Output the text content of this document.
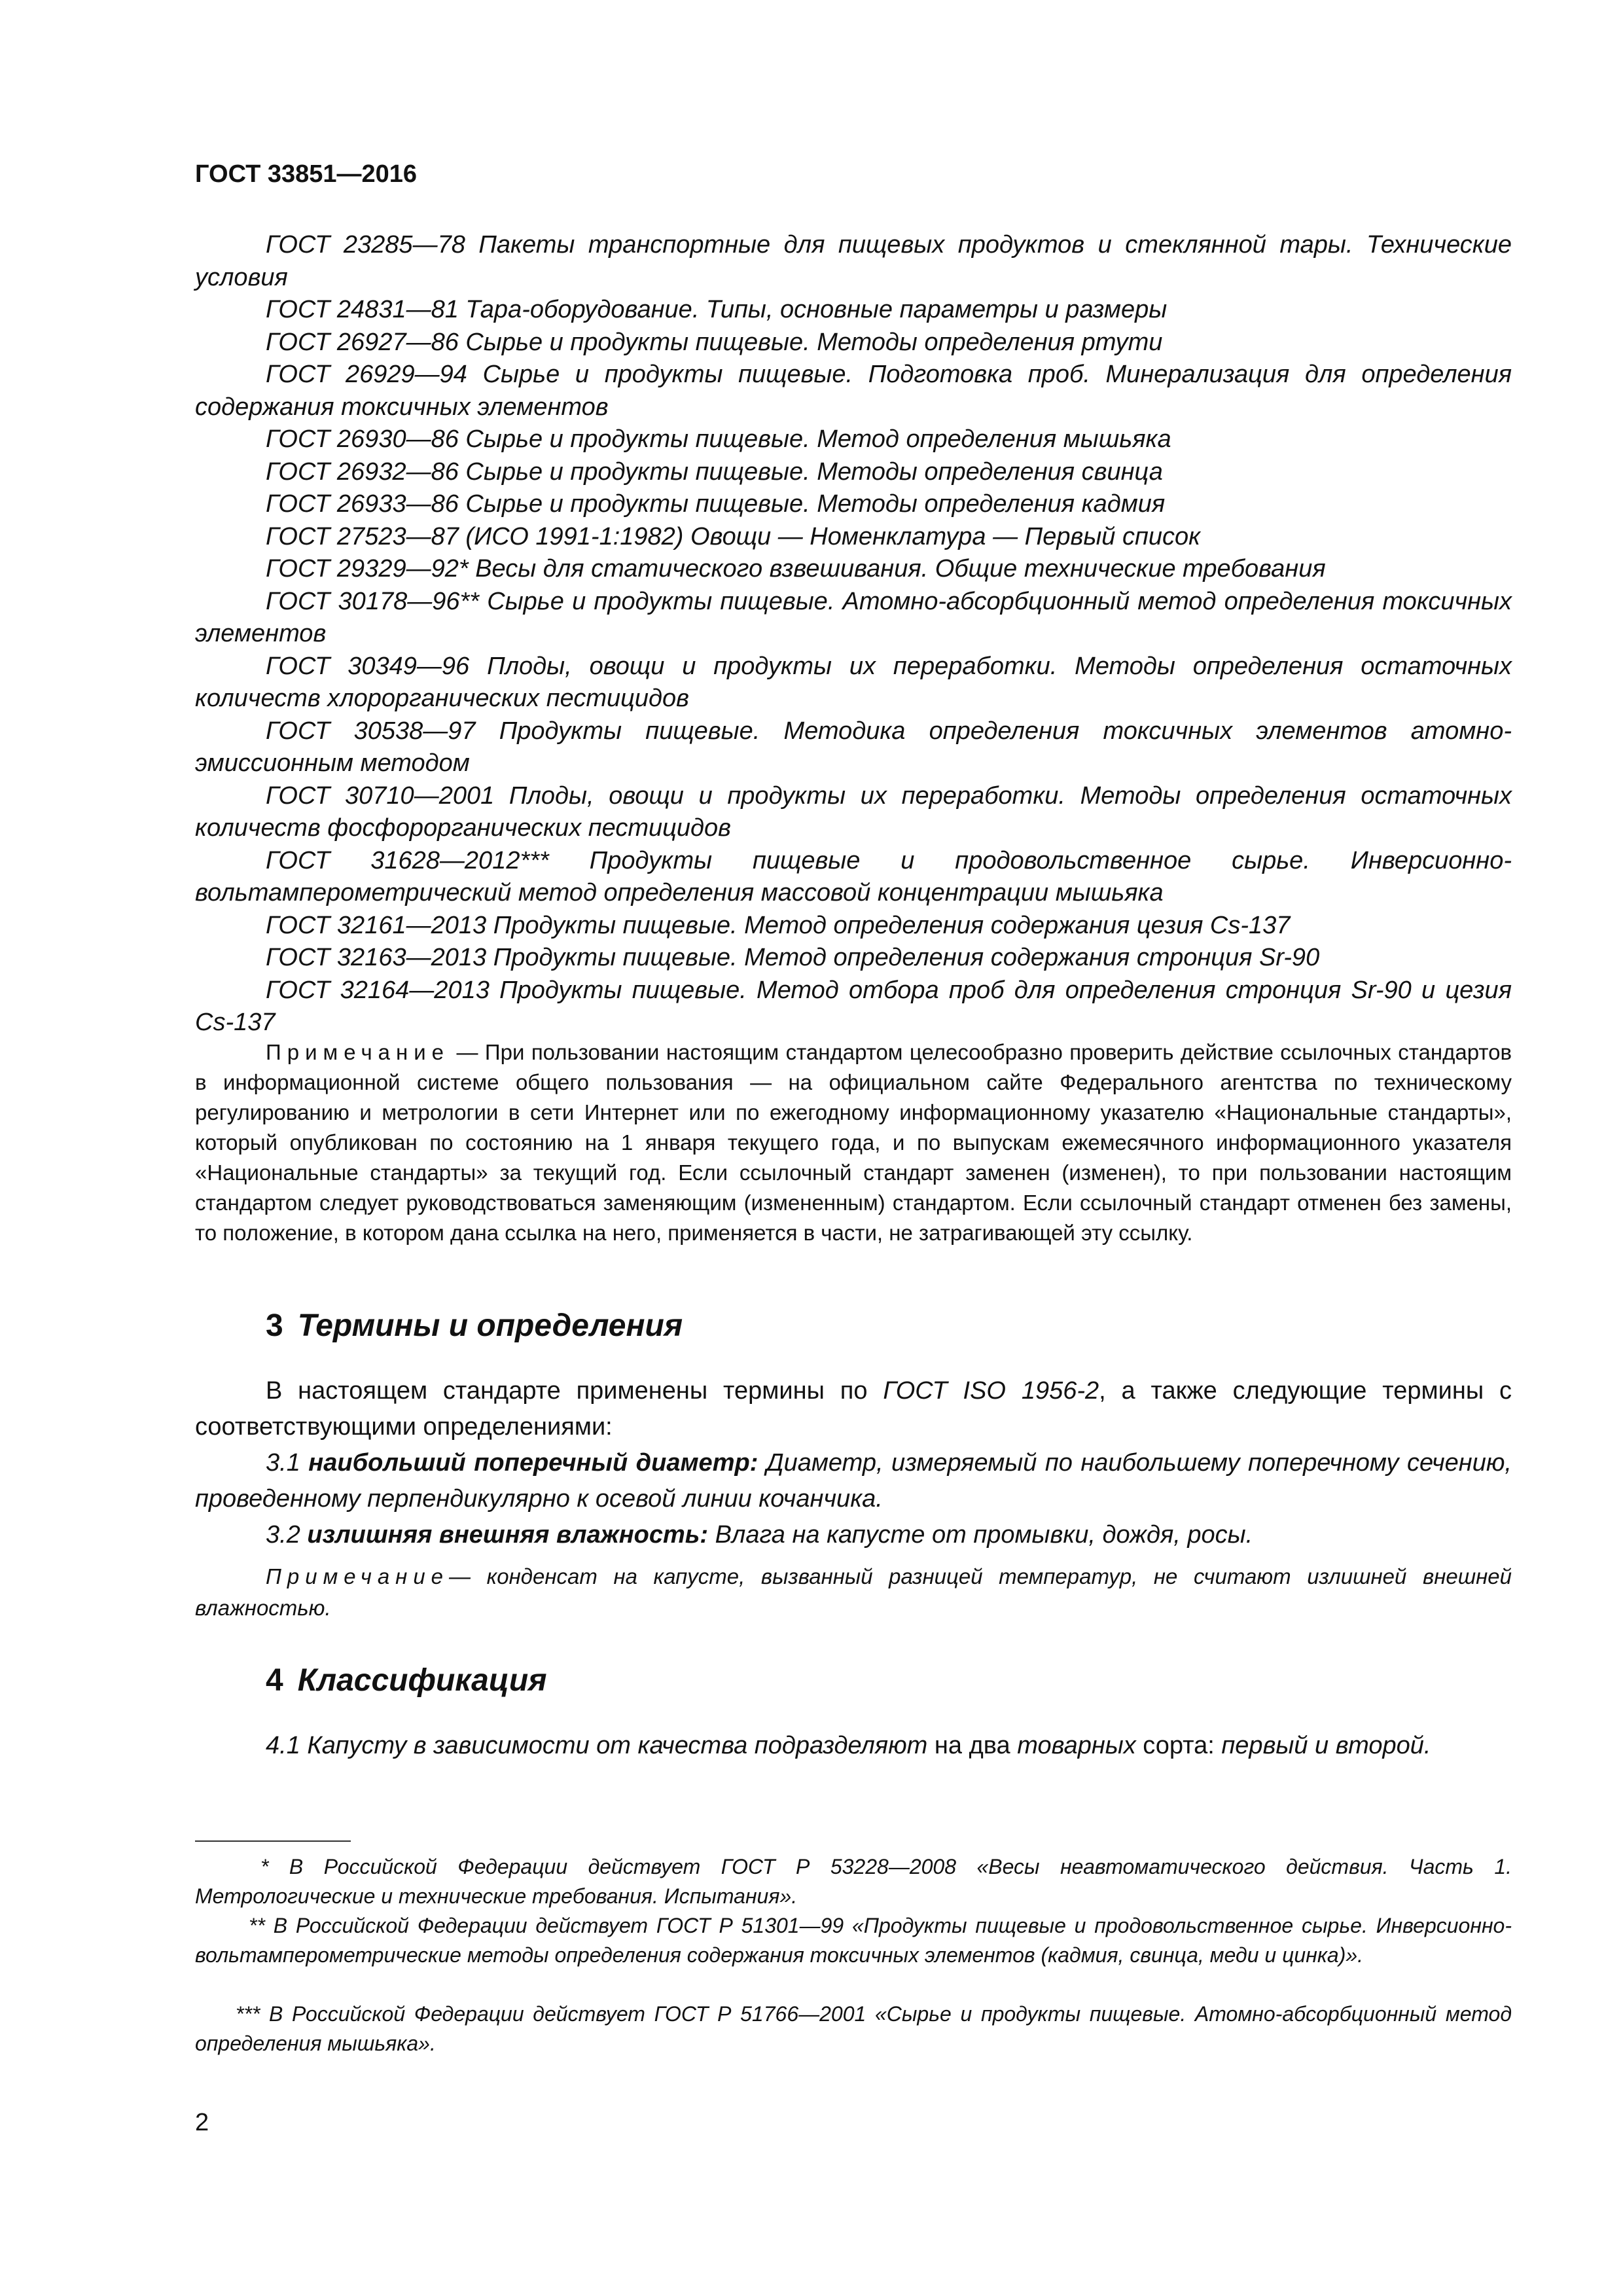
ГОСТ 33851—2016

ГОСТ 23285—78 Пакеты транспортные для пищевых продуктов и стеклянной тары. Технические условия

ГОСТ 24831—81 Тара-оборудование. Типы, основные параметры и размеры

ГОСТ 26927—86 Сырье и продукты пищевые. Методы определения ртути

ГОСТ 26929—94 Сырье и продукты пищевые. Подготовка проб. Минерализация для определения содержания токсичных элементов

ГОСТ 26930—86 Сырье и продукты пищевые. Метод определения мышьяка

ГОСТ 26932—86 Сырье и продукты пищевые. Методы определения свинца

ГОСТ 26933—86 Сырье и продукты пищевые. Методы определения кадмия

ГОСТ 27523—87 (ИСО 1991-1:1982) Овощи — Номенклатура — Первый список

ГОСТ 29329—92* Весы для статического взвешивания. Общие технические требования

ГОСТ 30178—96** Сырье и продукты пищевые. Атомно-абсорбционный метод определения токсичных элементов

ГОСТ 30349—96 Плоды, овощи и продукты их переработки. Методы определения остаточных количеств хлорорганических пестицидов

ГОСТ 30538—97 Продукты пищевые. Методика определения токсичных элементов атомно-эмиссионным методом

ГОСТ 30710—2001 Плоды, овощи и продукты их переработки. Методы определения остаточных количеств фосфорорганических пестицидов

ГОСТ 31628—2012*** Продукты пищевые и продовольственное сырье. Инверсионно-вольтамперометрический метод определения массовой концентрации мышьяка

ГОСТ 32161—2013 Продукты пищевые. Метод определения содержания цезия Cs-137

ГОСТ 32163—2013 Продукты пищевые. Метод определения содержания стронция Sr-90

ГОСТ 32164—2013 Продукты пищевые. Метод отбора проб для определения стронция Sr-90 и цезия Cs-137

Примечание — При пользовании настоящим стандартом целесообразно проверить действие ссылочных стандартов в информационной системе общего пользования — на официальном сайте Федерального агентства по техническому регулированию и метрологии в сети Интернет или по ежегодному информационному указателю «Национальные стандарты», который опубликован по состоянию на 1 января текущего года, и по выпускам ежемесячного информационного указателя «Национальные стандарты» за текущий год. Если ссылочный стандарт заменен (изменен), то при пользовании настоящим стандартом следует руководствоваться заменяющим (измененным) стандартом. Если ссылочный стандарт отменен без замены, то положение, в котором дана ссылка на него, применяется в части, не затрагивающей эту ссылку.

3 Термины и определения

В настоящем стандарте применены термины по ГОСТ ISO 1956-2, а также следующие термины с соответствующими определениями:

3.1 наибольший поперечный диаметр: Диаметр, измеряемый по наибольшему поперечному сечению, проведенному перпендикулярно к осевой линии кочанчика.

3.2 излишняя внешняя влажность: Влага на капусте от промывки, дождя, росы.

Примечание— конденсат на капусте, вызванный разницей температур, не считают излишней внешней влажностью.

4 Классификация

4.1 Капусту в зависимости от качества подразделяют на два товарных сорта: первый и второй.

* В Российской Федерации действует ГОСТ Р 53228—2008 «Весы неавтоматического действия. Часть 1. Метрологические и технические требования. Испытания».

** В Российской Федерации действует ГОСТ Р 51301—99 «Продукты пищевые и продовольственное сырье. Инверсионно-вольтамперометрические методы определения содержания токсичных элементов (кадмия, свинца, меди и цинка)».

*** В Российской Федерации действует ГОСТ Р 51766—2001 «Сырье и продукты пищевые. Атомно-абсорбционный метод определения мышьяка».

2
